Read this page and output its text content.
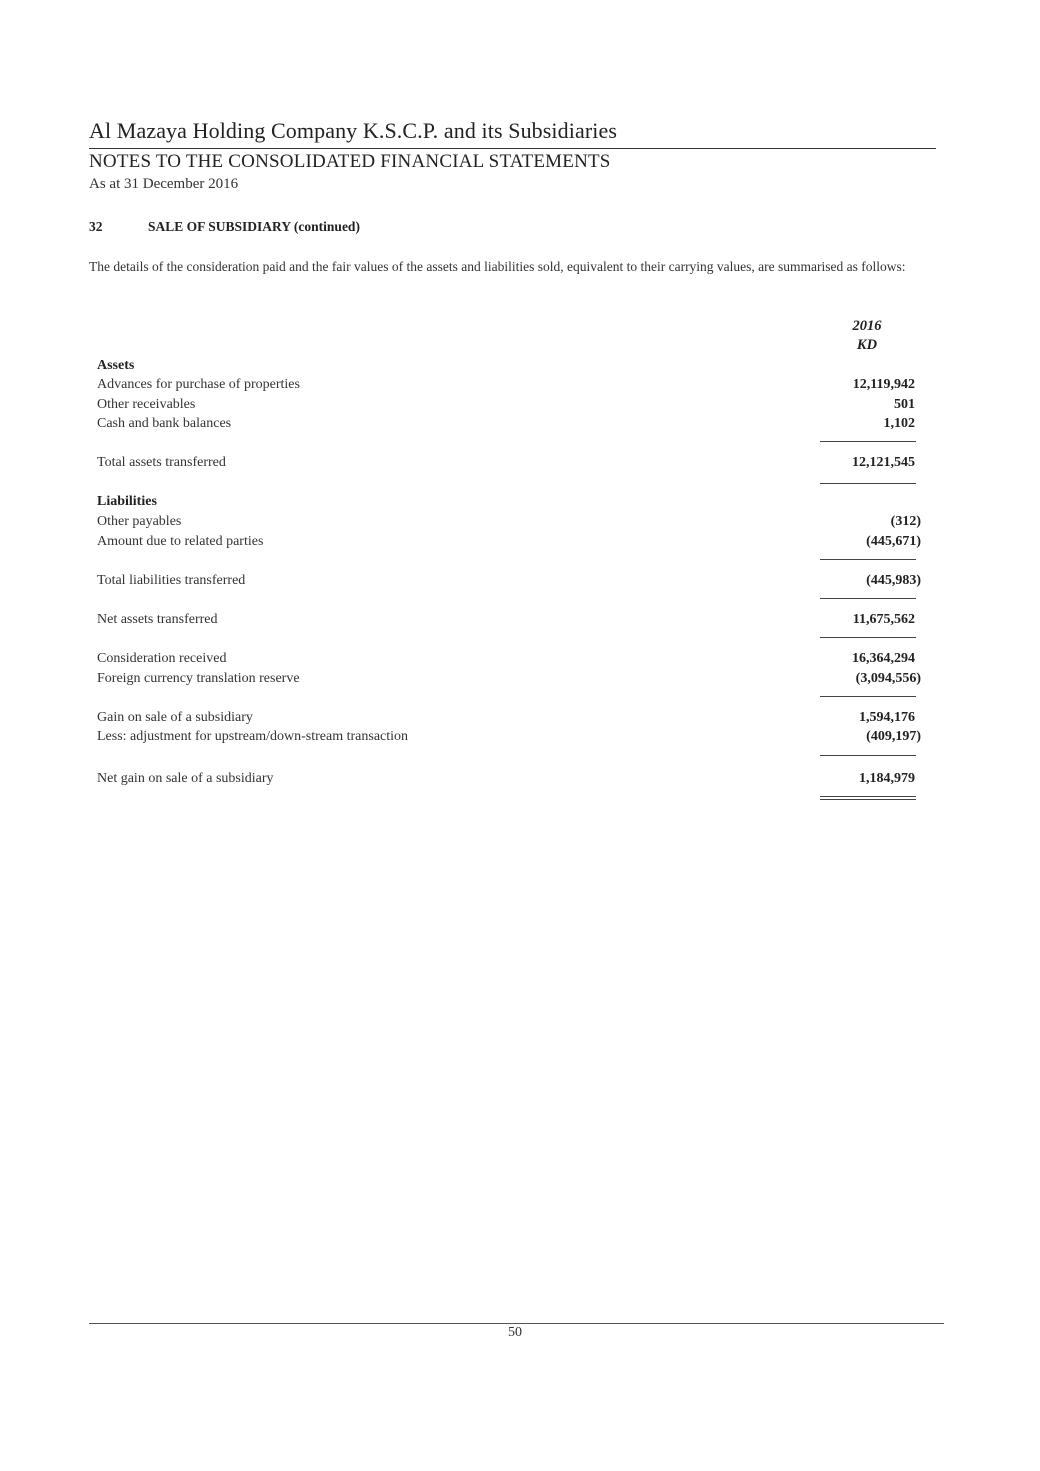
Al Mazaya Holding Company K.S.C.P. and its Subsidiaries
NOTES TO THE CONSOLIDATED FINANCIAL STATEMENTS
As at 31 December 2016
32	SALE OF SUBSIDIARY (continued)
The details of the consideration paid and the fair values of the assets and liabilities sold, equivalent to their carrying values, are summarised as follows:
2016
KD
Assets
Advances for purchase of properties	12,119,942
Other receivables	501
Cash and bank balances	1,102
Total assets transferred	12,121,545
Liabilities
Other payables	(312)
Amount due to related parties	(445,671)
Total liabilities transferred	(445,983)
Net assets transferred	11,675,562
Consideration received	16,364,294
Foreign currency translation reserve	(3,094,556)
Gain on sale of a subsidiary	1,594,176
Less: adjustment for upstream/down-stream transaction	(409,197)
Net gain on sale of a subsidiary	1,184,979
50
